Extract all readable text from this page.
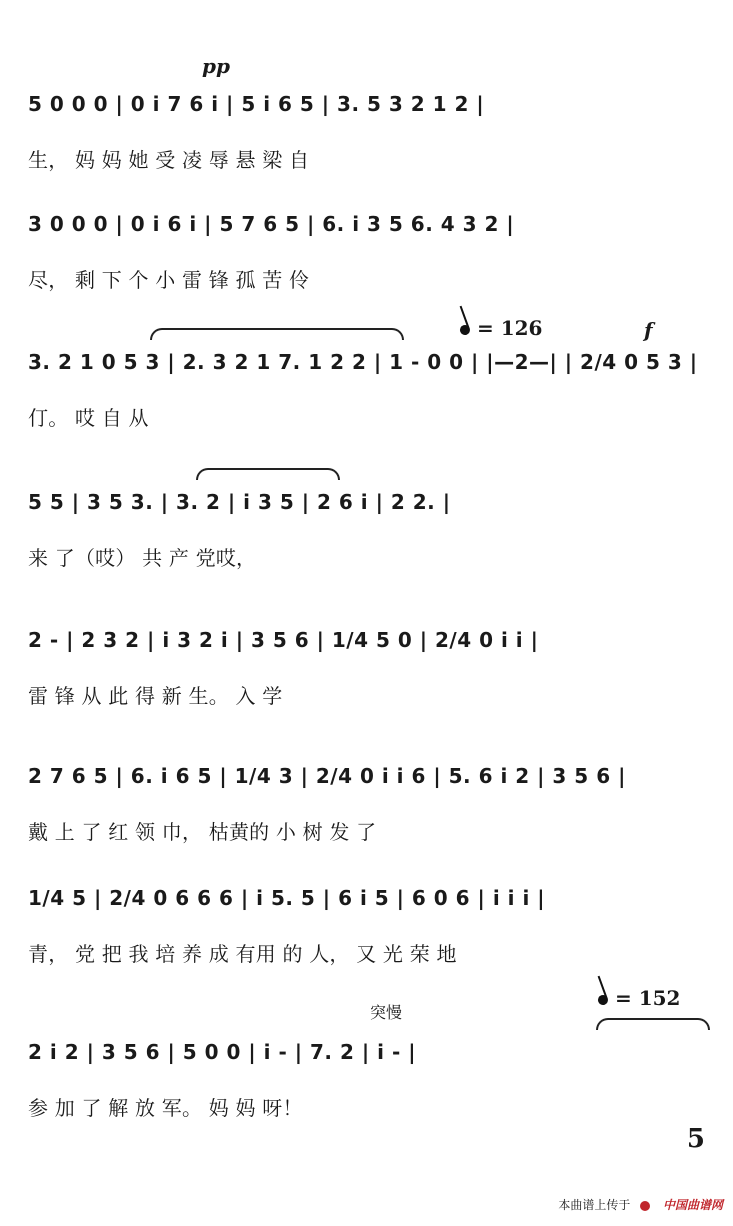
pp
f
= 126
= 152
突慢
5 0 0 0 | 0 i 7 6 i | 5 i 6 5 | 3. 5 3 2 1 2 |
生， 妈 妈 她 受 凌 辱 悬 梁 自
3 0 0 0 | 0 i 6 i | 5 7 6 5 | 6. i 3 5 6. 4 3 2 |
尽， 剩 下 个 小 雷 锋 孤 苦 伶
3. 2 1 0 5 3 | 2. 3 2 1 7. 1 2 2 | 1 - 0 0 | |—2—| | 2/4 0 5 3 |
仃。 哎 自 从
5 5 | 3 5 3. | 3. 2 | i 3 5 | 2 6 i | 2 2. |
来 了（哎） 共 产 党哎，
2 - | 2 3 2 | i 3 2 i | 3 5 6 | 1/4 5 0 | 2/4 0 i i |
雷 锋 从 此 得 新 生。 入 学
2 7 6 5 | 6. i 6 5 | 1/4 3 | 2/4 0 i i 6 | 5. 6 i 2 | 3 5 6 |
戴 上 了 红 领 巾， 枯黄的 小 树 发 了
1/4 5 | 2/4 0 6 6 6 | i 5. 5 | 6 i 5 | 6 0 6 | i i i |
青， 党 把 我 培 养 成 有用 的 人， 又 光 荣 地
2 i 2 | 3 5 6 | 5 0 0 | i - | 7. 2 | i - |
参 加 了 解 放 军。 妈 妈 呀！
5
本曲谱上传于	中国曲谱网
